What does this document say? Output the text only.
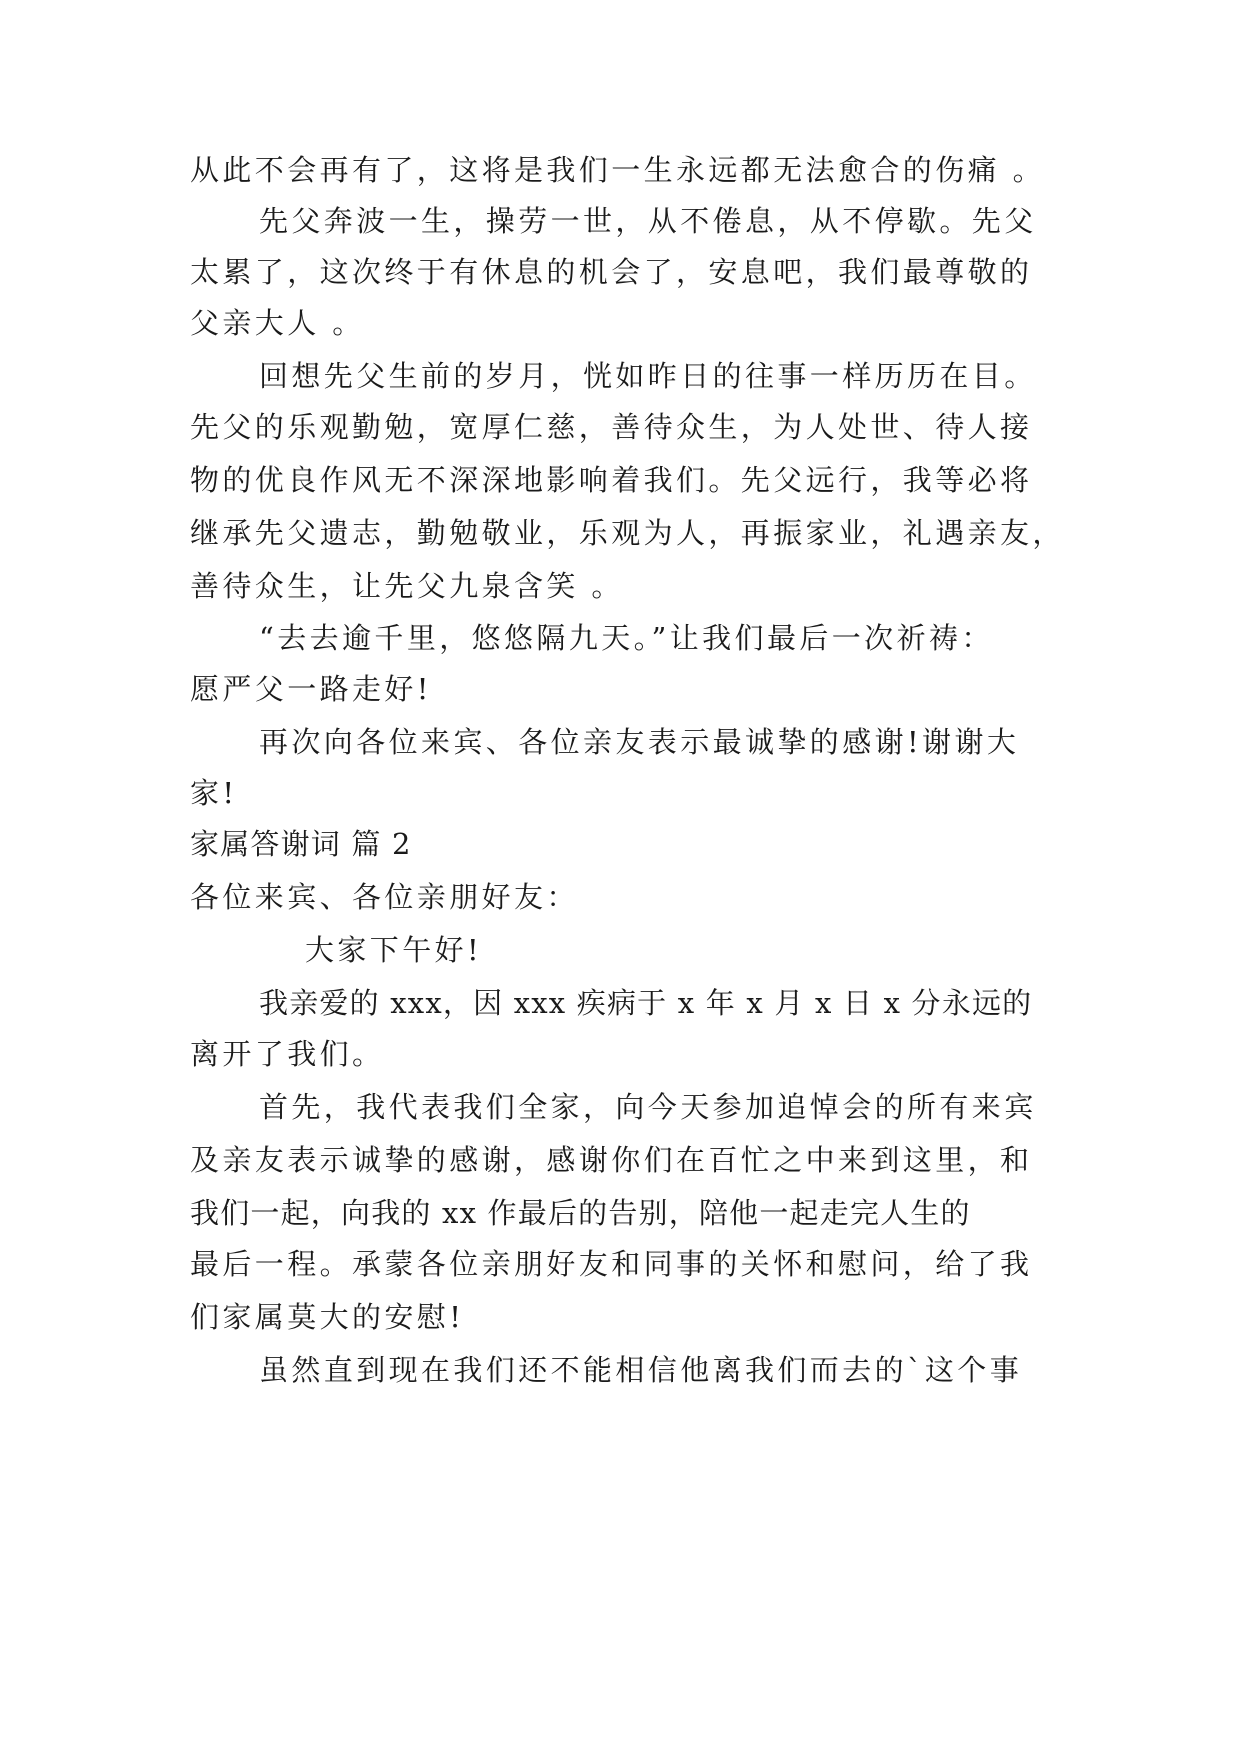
从此不会再有了，这将是我们一生永远都无法愈合的伤痛 。
先父奔波一生，操劳一世，从不倦息，从不停歇。先父
太累了，这次终于有休息的机会了，安息吧，我们最尊敬的
父亲大人 。
回想先父生前的岁月，恍如昨日的往事一样历历在目。
先父的乐观勤勉，宽厚仁慈，善待众生，为人处世、待人接
物的优良作风无不深深地影响着我们。先父远行，我等必将
继承先父遗志，勤勉敬业，乐观为人，再振家业，礼遇亲友，
善待众生，让先父九泉含笑 。
“去去逾千里，悠悠隔九天。”让我们最后一次祈祷：
愿严父一路走好!
再次向各位来宾、各位亲友表示最诚挚的感谢!谢谢大
家!
家属答谢词 篇 2
各位来宾、各位亲朋好友：
大家下午好!
我亲爱的 xxx，因 xxx 疾病于 x 年 x 月 x 日 x 分永远的
离开了我们。
首先，我代表我们全家，向今天参加追悼会的所有来宾
及亲友表示诚挚的感谢，感谢你们在百忙之中来到这里，和
我们一起，向我的 xx 作最后的告别，陪他一起走完人生的
最后一程。承蒙各位亲朋好友和同事的关怀和慰问，给了我
们家属莫大的安慰!
虽然直到现在我们还不能相信他离我们而去的`这个事
